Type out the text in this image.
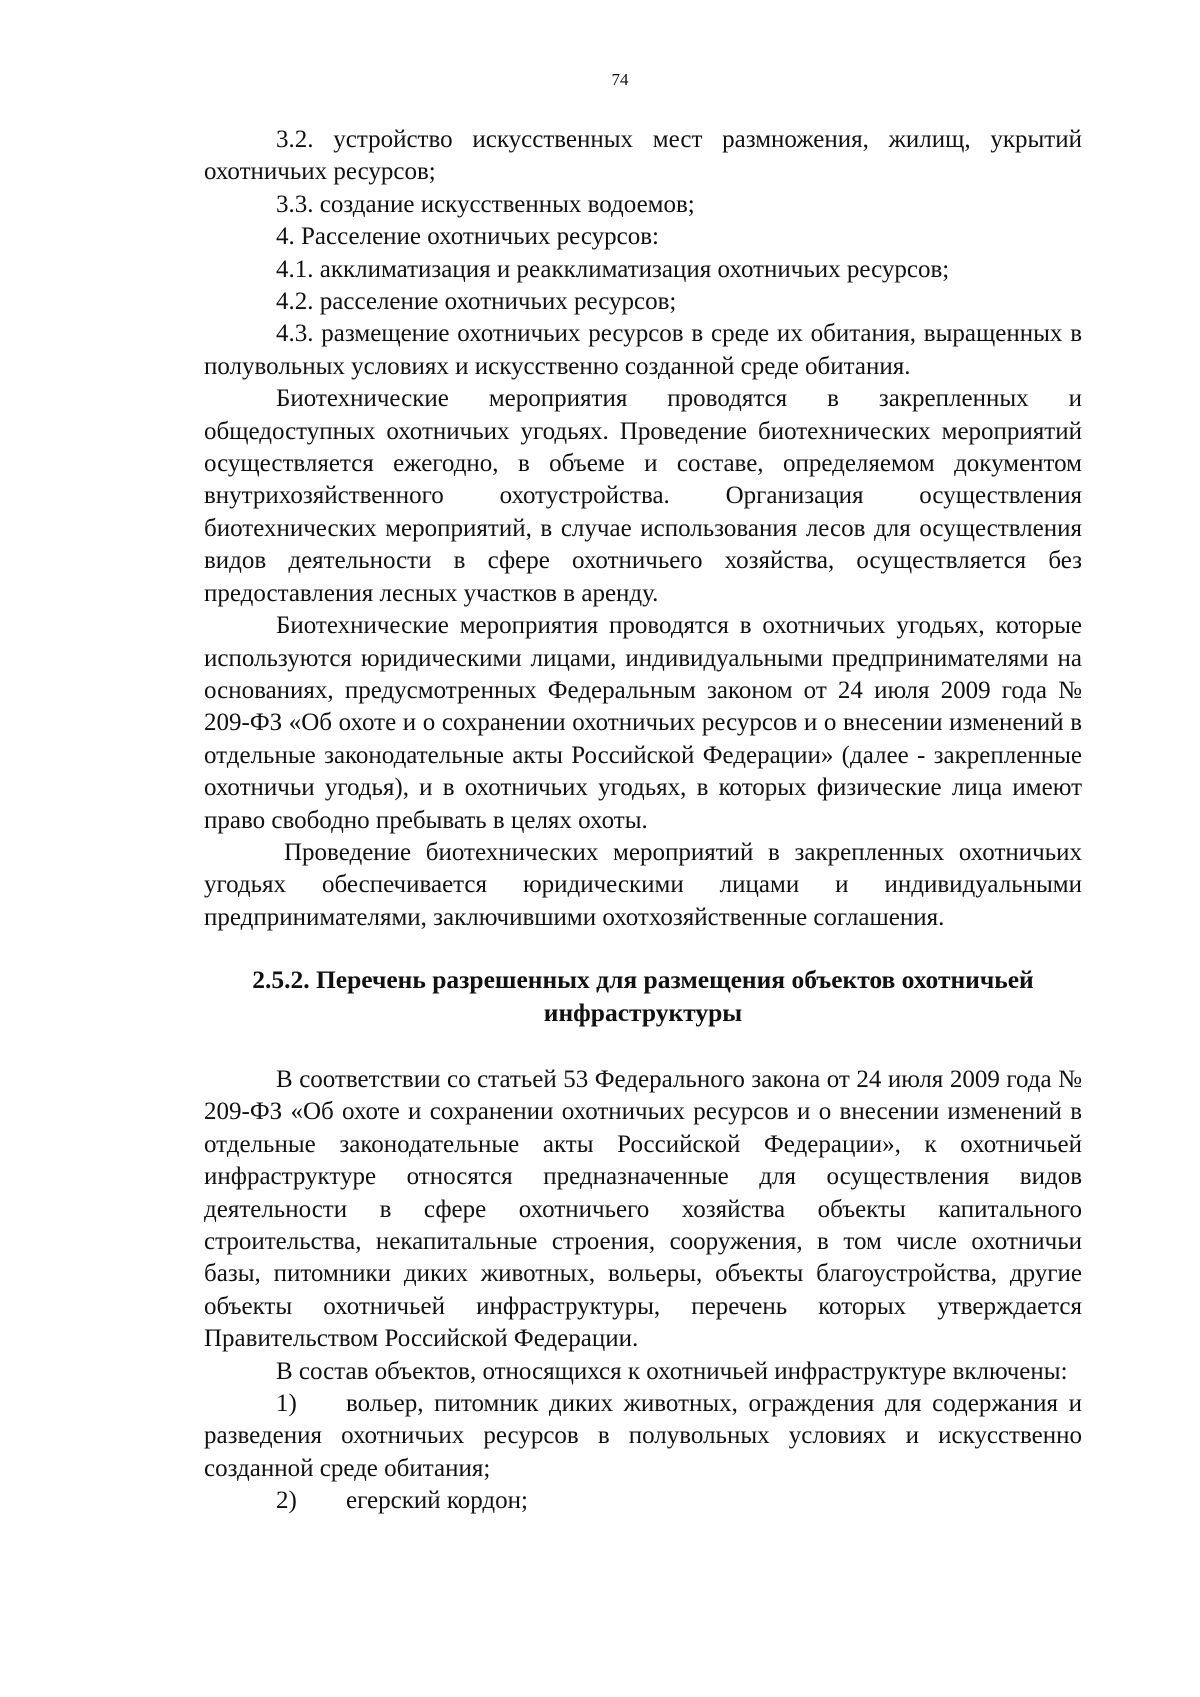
74

3.2. устройство искусственных мест размножения, жилищ, укрытий охотничьих ресурсов;

3.3. создание искусственных водоемов;

4. Расселение охотничьих ресурсов:

4.1. акклиматизация и реакклиматизация охотничьих ресурсов;

4.2. расселение охотничьих ресурсов;

4.3. размещение охотничьих ресурсов в среде их обитания, выращенных в полувольных условиях и искусственно созданной среде обитания.

Биотехнические мероприятия проводятся в закрепленных и общедоступных охотничьих угодьях. Проведение биотехнических мероприятий осуществляется ежегодно, в объеме и составе, определяемом документом внутрихозяйственного охотустройства. Организация осуществления биотехнических мероприятий, в случае использования лесов для осуществления видов деятельности в сфере охотничьего хозяйства, осуществляется без предоставления лесных участков в аренду.

Биотехнические мероприятия проводятся в охотничьих угодьях, которые используются юридическими лицами, индивидуальными предпринимателями на основаниях, предусмотренных Федеральным законом от 24 июля 2009 года № 209-ФЗ «Об охоте и о сохранении охотничьих ресурсов и о внесении изменений в отдельные законодательные акты Российской Федерации» (далее - закрепленные охотничьи угодья), и в охотничьих угодьях, в которых физические лица имеют право свободно пребывать в целях охоты.

Проведение биотехнических мероприятий в закрепленных охотничьих угодьях обеспечивается юридическими лицами и индивидуальными предпринимателями, заключившими охотхозяйственные соглашения.

2.5.2. Перечень разрешенных для размещения объектов охотничьей инфраструктуры

В соответствии со статьей 53 Федерального закона от 24 июля 2009 года № 209-ФЗ «Об охоте и сохранении охотничьих ресурсов и о внесении изменений в отдельные законодательные акты Российской Федерации», к охотничьей инфраструктуре относятся предназначенные для осуществления видов деятельности в сфере охотничьего хозяйства объекты капитального строительства, некапитальные строения, сооружения, в том числе охотничьи базы, питомники диких животных, вольеры, объекты благоустройства, другие объекты охотничьей инфраструктуры, перечень которых утверждается Правительством Российской Федерации.

В состав объектов, относящихся к охотничьей инфраструктуре включены:

1) вольер, питомник диких животных, ограждения для содержания и разведения охотничьих ресурсов в полувольных условиях и искусственно созданной среде обитания;

2) егерский кордон;
